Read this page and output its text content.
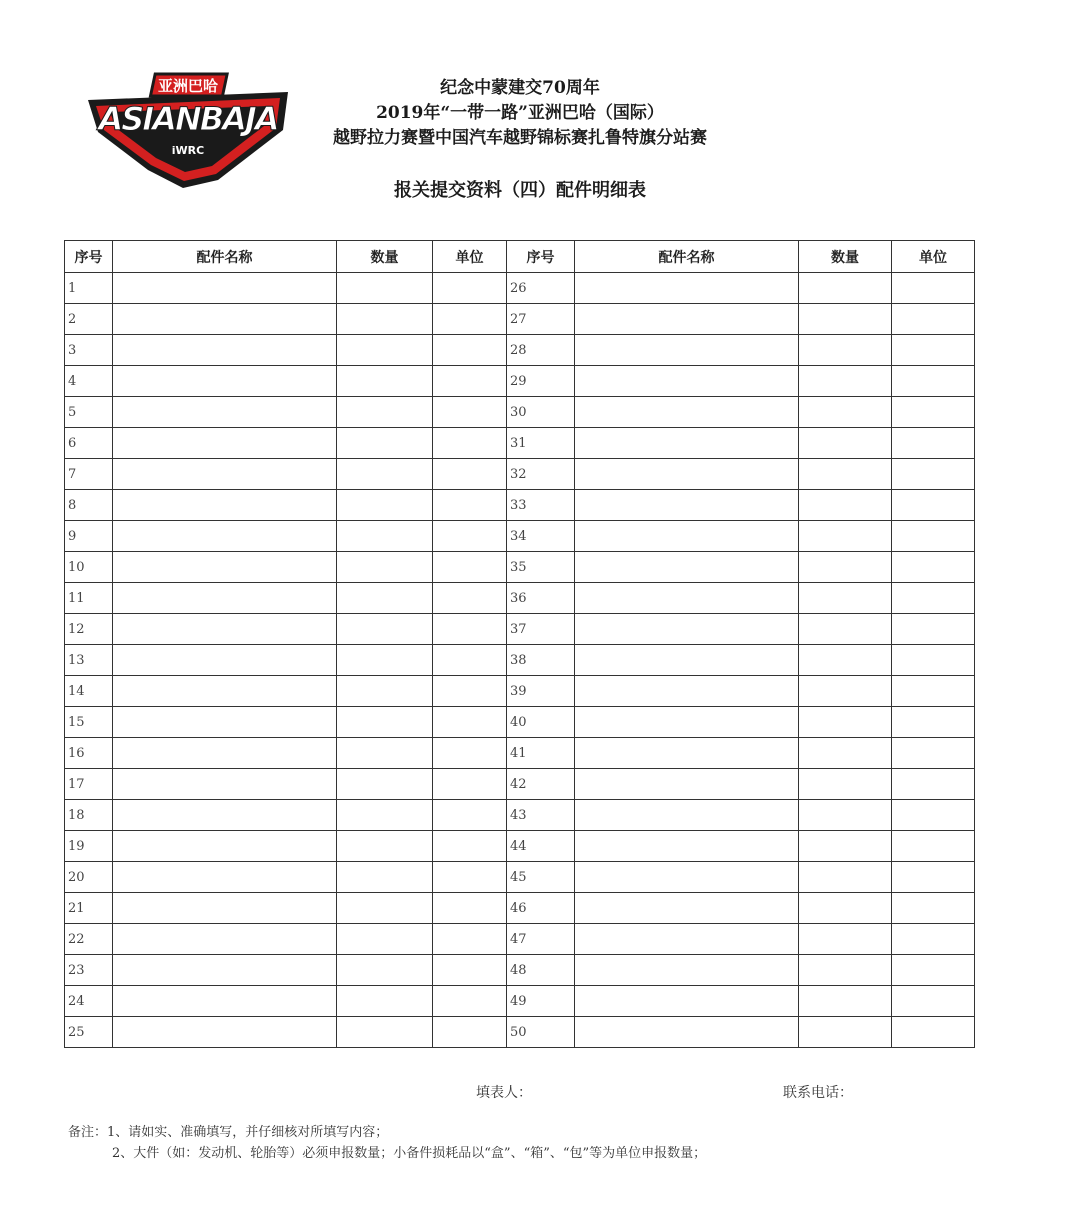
亚洲巴哈
ASIANBAJA
iWRC
纪念中蒙建交70周年
2019年“一带一路”亚洲巴哈（国际）
越野拉力赛暨中国汽车越野锦标赛扎鲁特旗分站赛
报关提交资料（四）配件明细表
序号	配件名称	数量	单位	序号	配件名称	数量	单位
1				26			
2				27			
3				28			
4				29			
5				30			
6				31			
7				32			
8				33			
9				34			
10				35			
11				36			
12				37			
13				38			
14				39			
15				40			
16				41			
17				42			
18				43			
19				44			
20				45			
21				46			
22				47			
23				48			
24				49			
25				50			
填表人：	联系电话：
备注：1、请如实、准确填写，并仔细核对所填写内容；
2、大件（如：发动机、轮胎等）必须申报数量；小备件损耗品以“盒”、“箱”、“包”等为单位申报数量；
